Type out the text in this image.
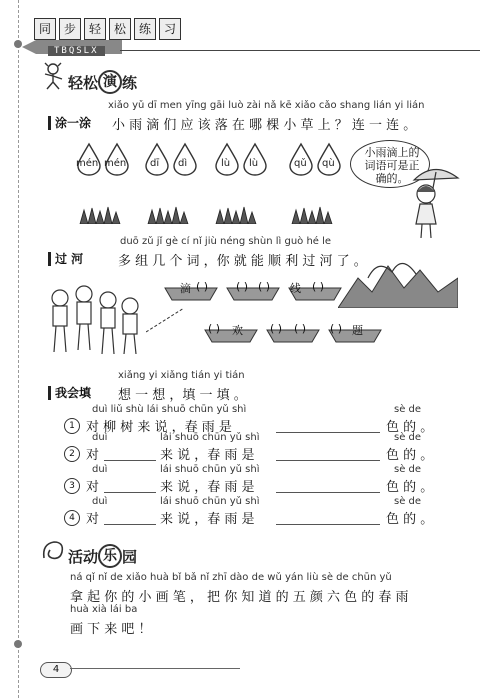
同	步	轻	松	练	习
TBQSLX
轻 松 演 练
xiǎo yǔ dī men yīng gāi luò zài nǎ kē xiǎo cǎo shang lián yi lián
涂一涂 小 雨 滴 们 应 该 落 在 哪 棵 小 草 上 ？ 连 一 连 。
mén mén dī dì	lù lù	qǔ qù
小雨滴上的词语可是正确的。
duō zǔ jǐ gè cí nǐ jiù néng shùn lì guò hé le
过 河	多 组 几 个 词 ，你 就 能 顺 利 过 河 了 。
滴 ( )	( ) ( ) 线 ( )
( ) 欢 ( ) ( ) ( ) 题
xiǎng yi xiǎng tián yi tián
我会填 想 一 想 ，填 一 填 。
duì liǔ shù lái shuō chūn yǔ shì
1 对 柳 树 来 说 ，春 雨 是
sè de
色 的 。
duì
2 对
lái shuō chūn yǔ shì
来 说 ，春 雨 是
sè de
色 的 。
duì
3 对
lái shuō chūn yǔ shì
来 说 ，春 雨 是
sè de
色 的 。
duì
4 对
lái shuō chūn yǔ shì
来 说 ，春 雨 是
sè de
色 的 。
活 动 乐 园
ná qǐ nǐ de xiǎo huà bǐ bǎ nǐ zhī dào de wǔ yán liù sè de chūn yǔ
拿 起 你 的 小 画 笔 ， 把 你 知 道 的 五 颜 六 色 的 春 雨
huà xià lái ba
画 下 来 吧 ！
4
